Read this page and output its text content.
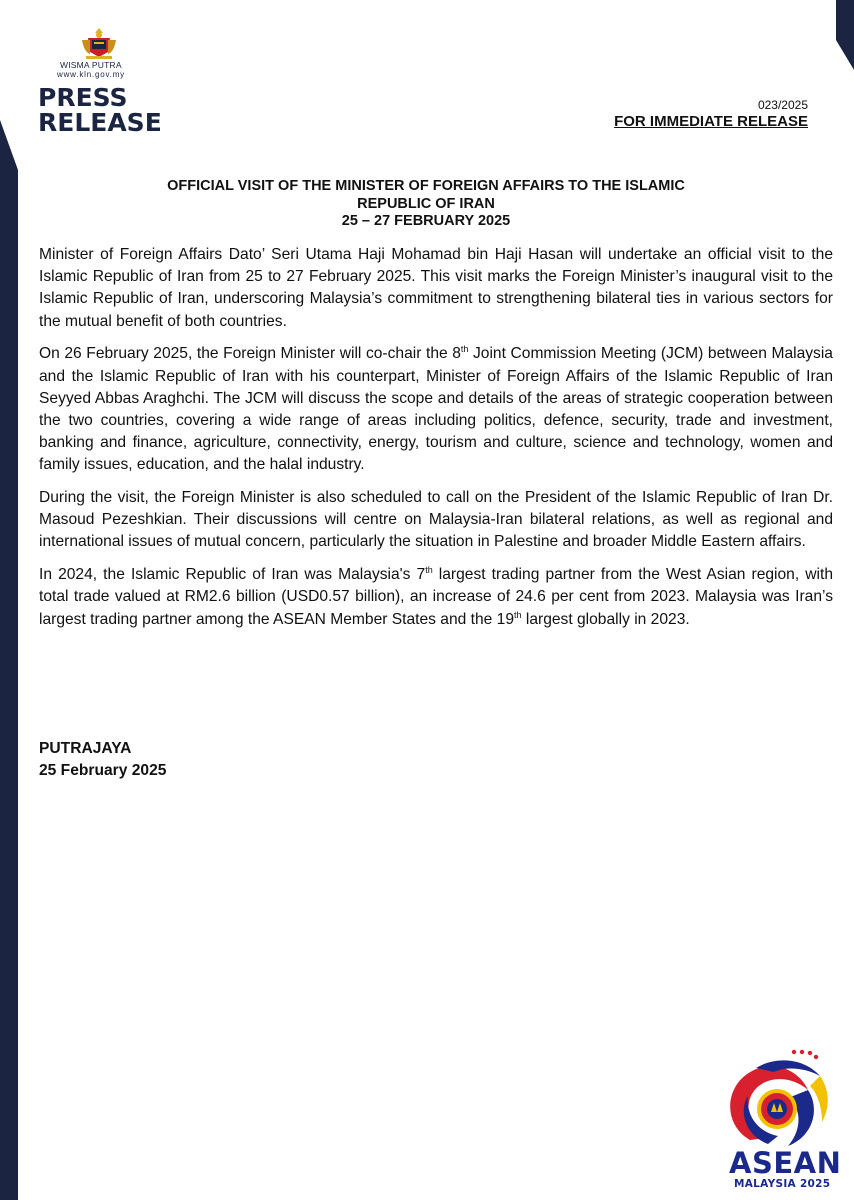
WISMA PUTRA
www.kln.gov.my
PRESS
RELEASE
023/2025
FOR IMMEDIATE RELEASE
OFFICIAL VISIT OF THE MINISTER OF FOREIGN AFFAIRS TO THE ISLAMIC
REPUBLIC OF IRAN
25 – 27 FEBRUARY 2025

Minister of Foreign Affairs Dato’ Seri Utama Haji Mohamad bin Haji Hasan will undertake an official visit to the Islamic Republic of Iran from 25 to 27 February 2025. This visit marks the Foreign Minister’s inaugural visit to the Islamic Republic of Iran, underscoring Malaysia’s commitment to strengthening bilateral ties in various sectors for the mutual benefit of both countries.

On 26 February 2025, the Foreign Minister will co-chair the 8th Joint Commission Meeting (JCM) between Malaysia and the Islamic Republic of Iran with his counterpart, Minister of Foreign Affairs of the Islamic Republic of Iran Seyyed Abbas Araghchi. The JCM will discuss the scope and details of the areas of strategic cooperation between the two countries, covering a wide range of areas including politics, defence, security, trade and investment, banking and finance, agriculture, connectivity, energy, tourism and culture, science and technology, women and family issues, education, and the halal industry.

During the visit, the Foreign Minister is also scheduled to call on the President of the Islamic Republic of Iran Dr. Masoud Pezeshkian. Their discussions will centre on Malaysia-Iran bilateral relations, as well as regional and international issues of mutual concern, particularly the situation in Palestine and broader Middle Eastern affairs.

In 2024, the Islamic Republic of Iran was Malaysia's 7th largest trading partner from the West Asian region, with total trade valued at RM2.6 billion (USD0.57 billion), an increase of 24.6 per cent from 2023. Malaysia was Iran’s largest trading partner among the ASEAN Member States and the 19th largest globally in 2023.

PUTRAJAYA
25 February 2025
ASEAN
MALAYSIA 2025
